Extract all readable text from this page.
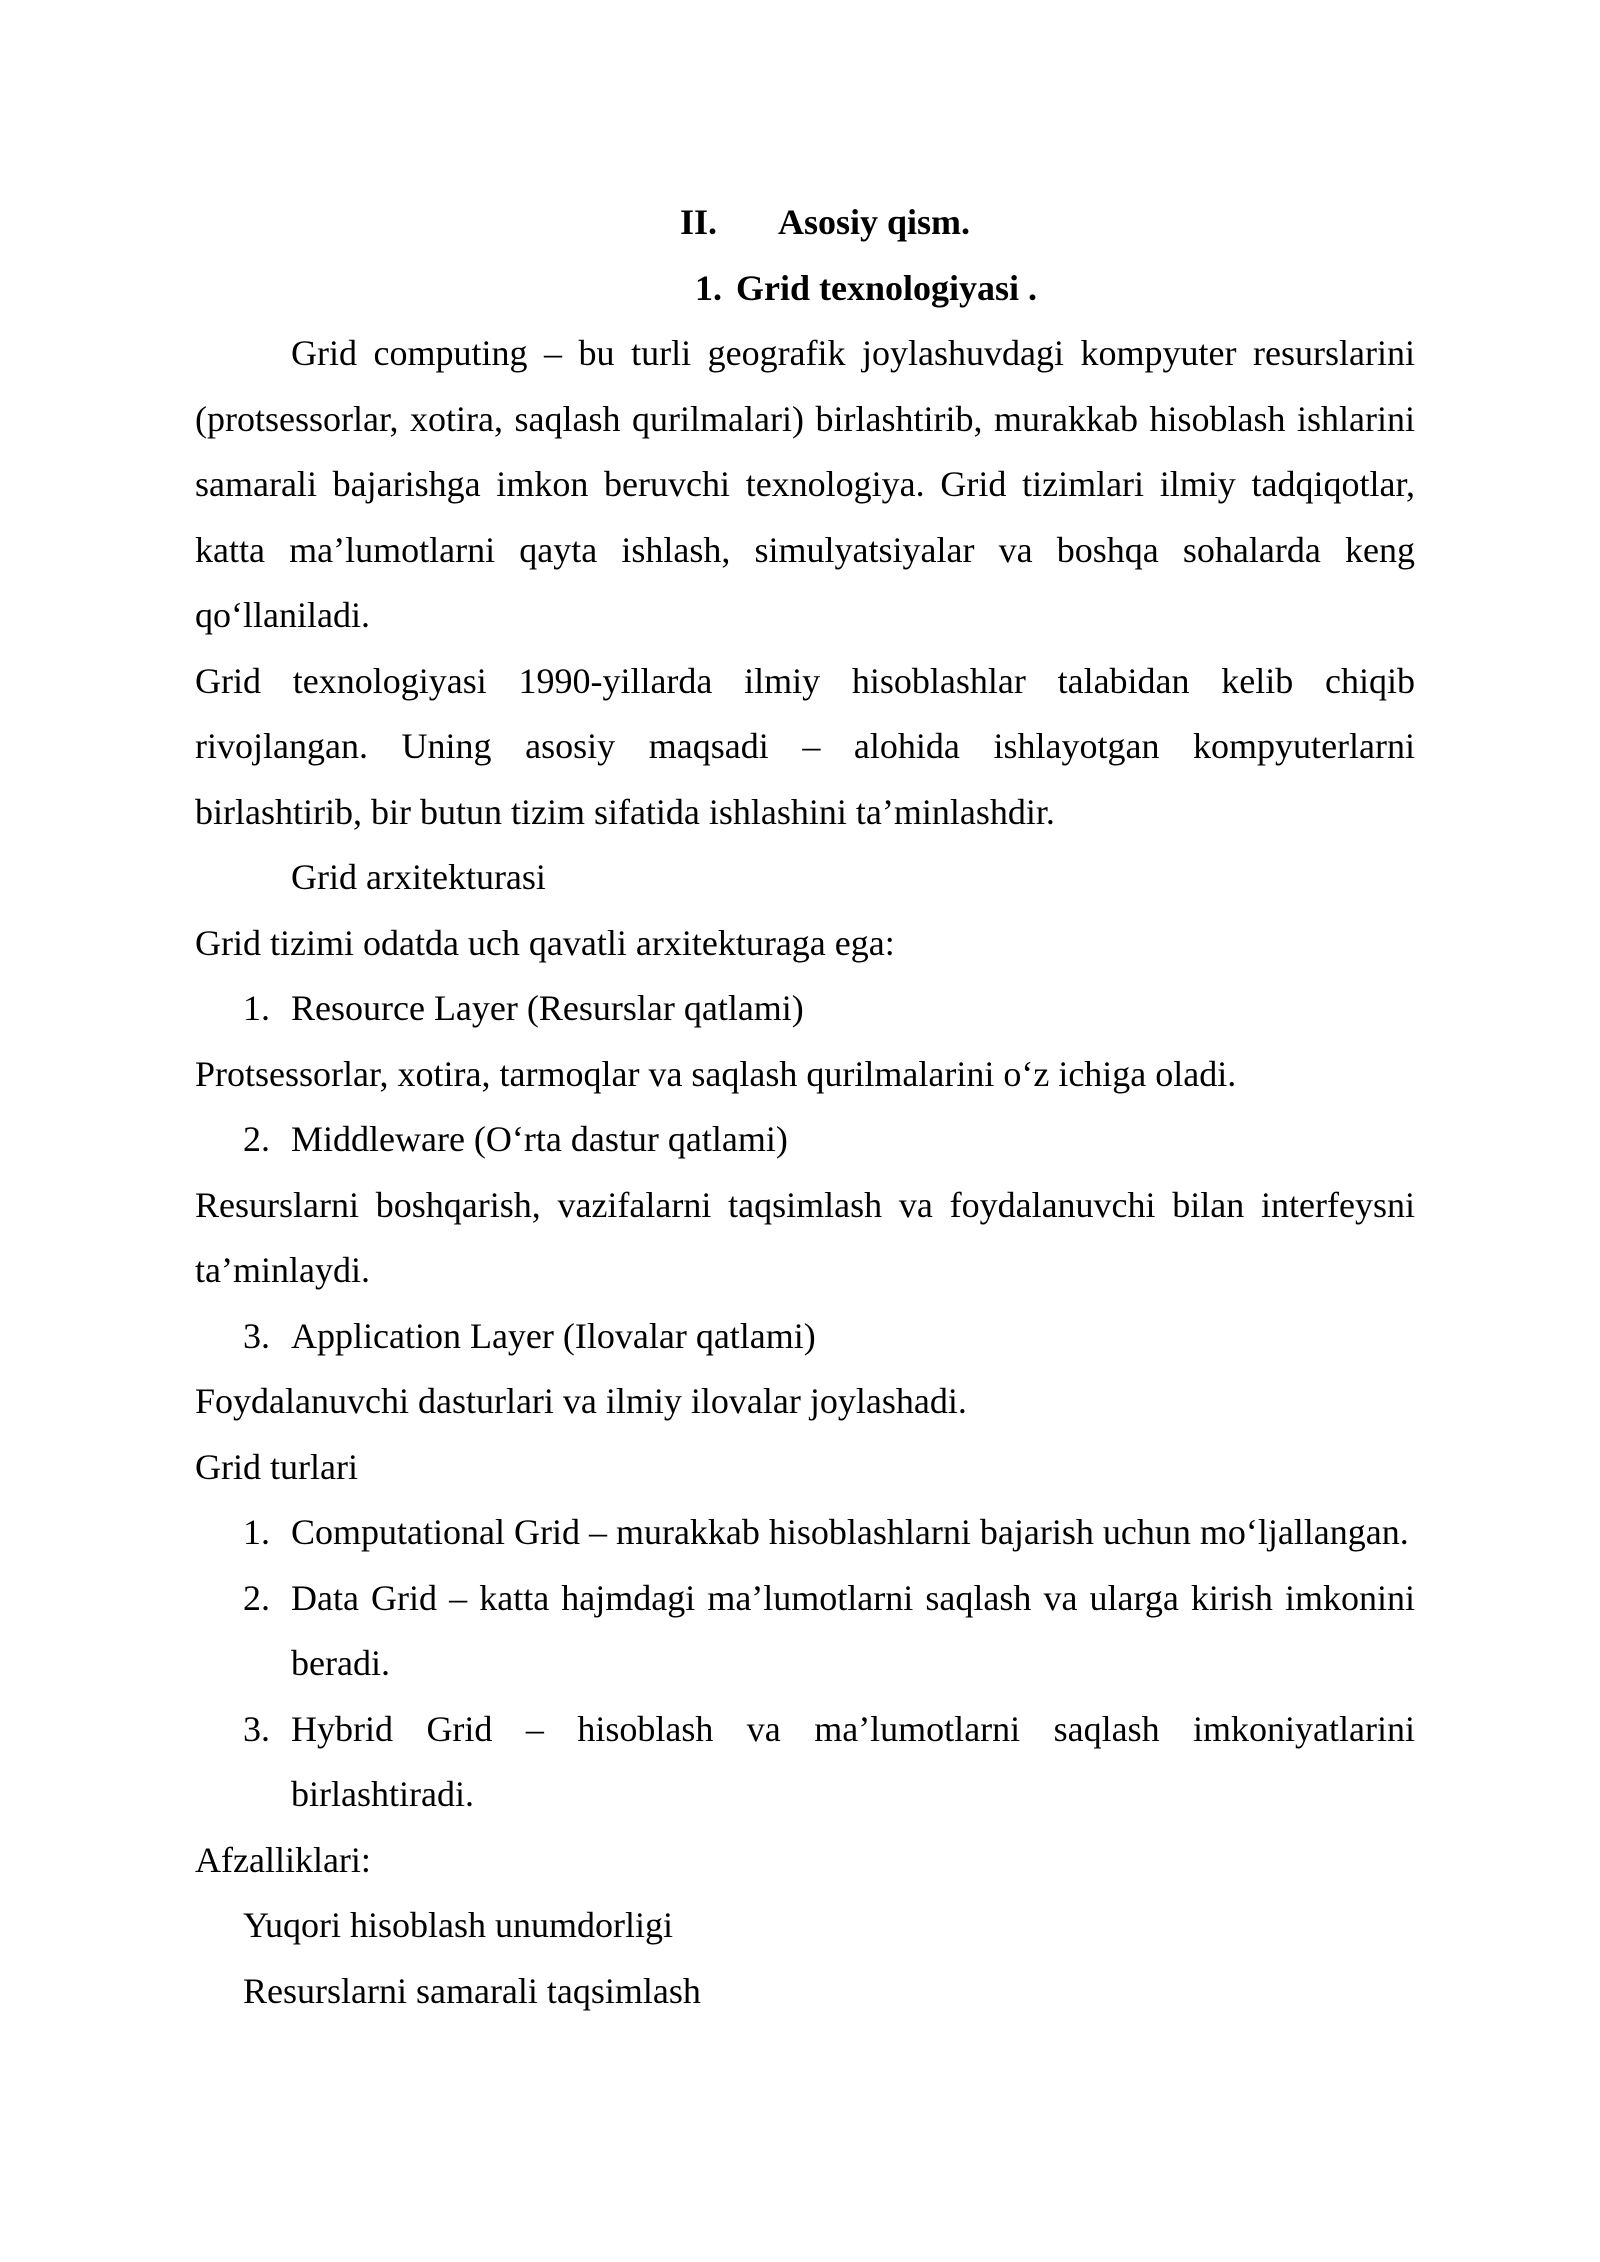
II. Asosiy qism.
1. Grid texnologiyasi .

Grid computing – bu turli geografik joylashuvdagi kompyuter resurslarini (protsessorlar, xotira, saqlash qurilmalari) birlashtirib, murakkab hisoblash ishlarini samarali bajarishga imkon beruvchi texnologiya. Grid tizimlari ilmiy tadqiqotlar, katta ma’lumotlarni qayta ishlash, simulyatsiyalar va boshqa sohalarda keng qo‘llaniladi.

Grid texnologiyasi 1990-yillarda ilmiy hisoblashlar talabidan kelib chiqib rivojlangan. Uning asosiy maqsadi – alohida ishlayotgan kompyuterlarni birlashtirib, bir butun tizim sifatida ishlashini ta’minlashdir.

Grid arxitekturasi

Grid tizimi odatda uch qavatli arxitekturaga ega:

1. Resource Layer (Resurslar qatlami)

Protsessorlar, xotira, tarmoqlar va saqlash qurilmalarini o‘z ichiga oladi.

2. Middleware (O‘rta dastur qatlami)

Resurslarni boshqarish, vazifalarni taqsimlash va foydalanuvchi bilan interfeysni ta’minlaydi.

3. Application Layer (Ilovalar qatlami)

Foydalanuvchi dasturlari va ilmiy ilovalar joylashadi.

Grid turlari

1. Computational Grid – murakkab hisoblashlarni bajarish uchun mo‘ljallangan.
2. Data Grid – katta hajmdagi ma’lumotlarni saqlash va ularga kirish imkonini beradi.
3. Hybrid Grid – hisoblash va ma’lumotlarni saqlash imkoniyatlarini birlashtiradi.

Afzalliklari:

Yuqori hisoblash unumdorligi

Resurslarni samarali taqsimlash
